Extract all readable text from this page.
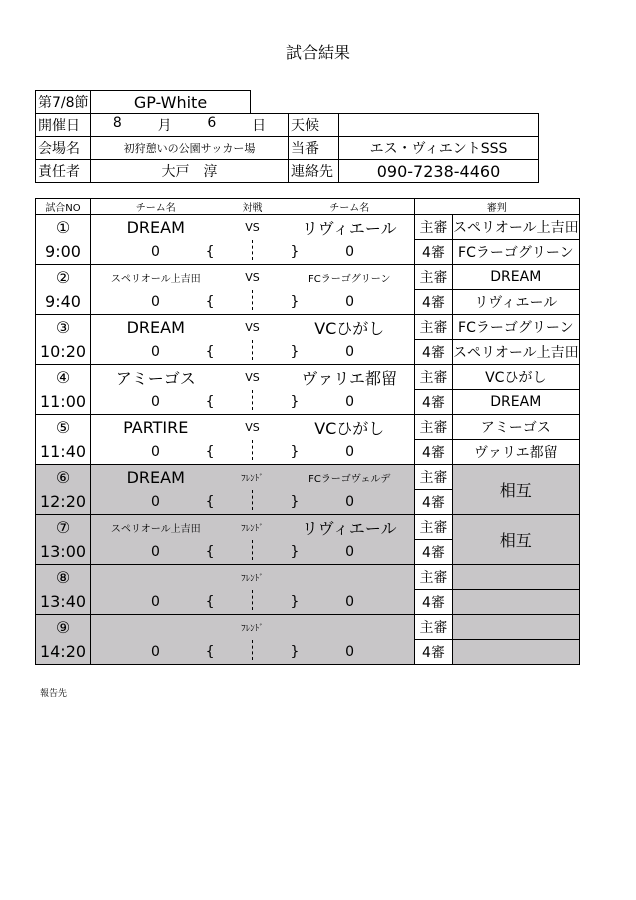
試合結果
第7/8節	GP-White			
開催日	8 月 6 日		天候	
会場名	初狩憩いの公園サッカー場		当番	エス・ヴィエントSSS
責任者	大戸　淳		連絡先	090-7238-4460
試合NO	チーム名	対戦	チーム名	審判	
①	DREAM	VS	リヴィエール	主審	スペリオール上吉田
9:00	0 {		} 0	4審	FCラーゴグリーン
②	スペリオール上吉田	VS	FCラーゴグリーン	主審	DREAM
9:40	0 {		} 0	4審	リヴィエール
③	DREAM	VS	VCひがし	主審	FCラーゴグリーン
10:20	0 {		} 0	4審	スペリオール上吉田
④	アミーゴス	VS	ヴァリエ都留	主審	VCひがし
11:00	0 {		} 0	4審	DREAM
⑤	PARTIRE	VS	VCひがし	主審	アミーゴス
11:40	0 {		} 0	4審	ヴァリエ都留
⑥	DREAM	ﾌﾚﾝﾄﾞ	FCラーゴヴェルデ	主審	相互
12:20	0 {		} 0	4審	
⑦	スペリオール上吉田	ﾌﾚﾝﾄﾞ	リヴィエール	主審	相互
13:00	0 {		} 0	4審	
⑧		ﾌﾚﾝﾄﾞ		主審	
13:40	0 {		} 0	4審	
⑨		ﾌﾚﾝﾄﾞ		主審	
14:20	0 {		} 0	4審	
報告先
